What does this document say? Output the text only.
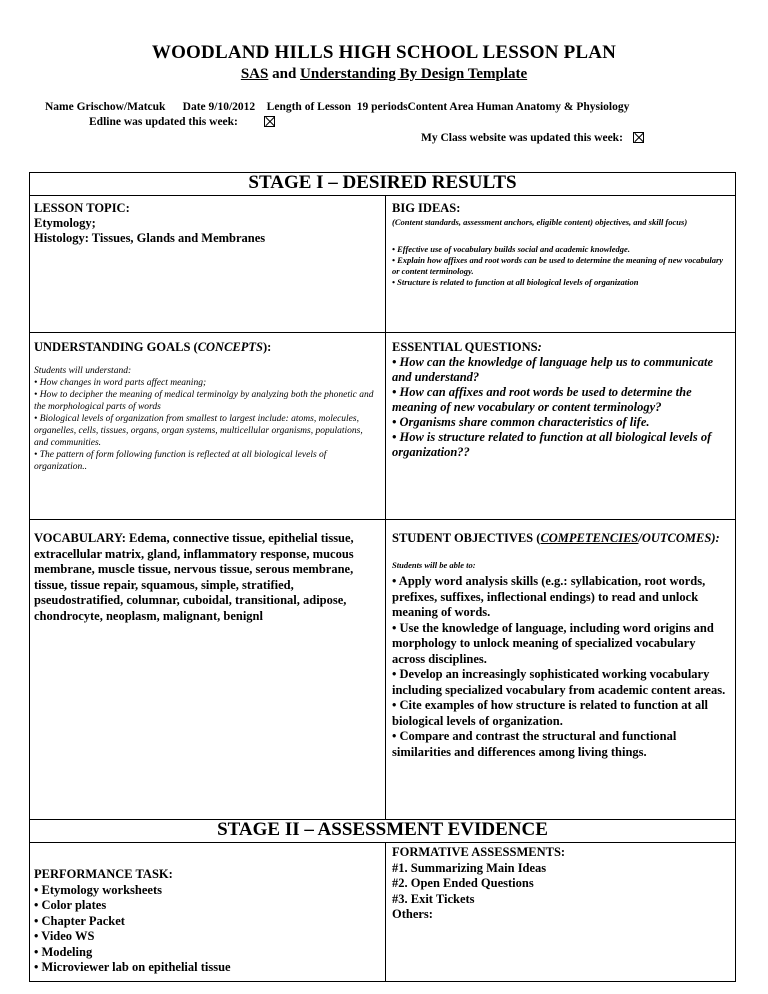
WOODLAND HILLS HIGH SCHOOL LESSON PLAN
SAS and Understanding By Design Template
Name Grischow/Matcuk      Date 9/10/2012    Length of Lesson  19 periodsContent Area Human Anatomy & Physiology
Edline was updated this week:
My Class website was updated this week:
STAGE I – DESIRED RESULTS
LESSON TOPIC:
Etymology;
Histology: Tissues, Glands and Membranes
BIG IDEAS:
(Content standards, assessment anchors, eligible content) objectives, and skill focus)
• Effective use of vocabulary builds social and academic knowledge.
• Explain how affixes and root words can be used to determine the meaning of new vocabulary or content terminology.
• Structure is related to function at all biological levels of organization
UNDERSTANDING GOALS (CONCEPTS):
Students will understand:
• How changes in word parts affect meaning;
• How to decipher the meaning of medical terminolgy by analyzing both the phonetic and the morphological parts of words
• Biological levels of organization from smallest to largest include: atoms, molecules, organelles, cells, tissues, organs, organ systems, multicellular organisms, populations, and communities.
• The pattern of form following function is reflected at all biological levels of organization..
ESSENTIAL QUESTIONS:
• How can the knowledge of language help us to communicate and understand?
• How can affixes and root words be used to determine the meaning of new vocabulary or content terminology?
• Organisms share common characteristics of life.
• How is structure related to function at all biological levels of organization??
VOCABULARY: Edema, connective tissue, epithelial tissue, extracellular matrix, gland, inflammatory response, mucous membrane, muscle tissue, nervous tissue, serous membrane, tissue, tissue repair, squamous, simple, stratified, pseudostratified, columnar, cuboidal, transitional, adipose, chondrocyte, neoplasm, malignant, benignl
STUDENT OBJECTIVES (COMPETENCIES/OUTCOMES):
Students will be able to:
• Apply word analysis skills (e.g.: syllabication, root words, prefixes, suffixes, inflectional endings) to read and unlock meaning of words.
• Use the knowledge of language, including word origins and morphology to unlock meaning of specialized vocabulary across disciplines.
• Develop an increasingly sophisticated working vocabulary including specialized vocabulary from academic content areas.
• Cite examples of how structure is related to function at all biological levels of organization.
• Compare and contrast the structural and functional similarities and differences among living things.
STAGE II – ASSESSMENT EVIDENCE
PERFORMANCE TASK:
• Etymology worksheets
• Color plates
• Chapter Packet
• Video WS
• Modeling
• Microviewer lab on epithelial tissue
FORMATIVE ASSESSMENTS:
#1. Summarizing Main Ideas
#2. Open Ended Questions
#3. Exit Tickets
Others:
